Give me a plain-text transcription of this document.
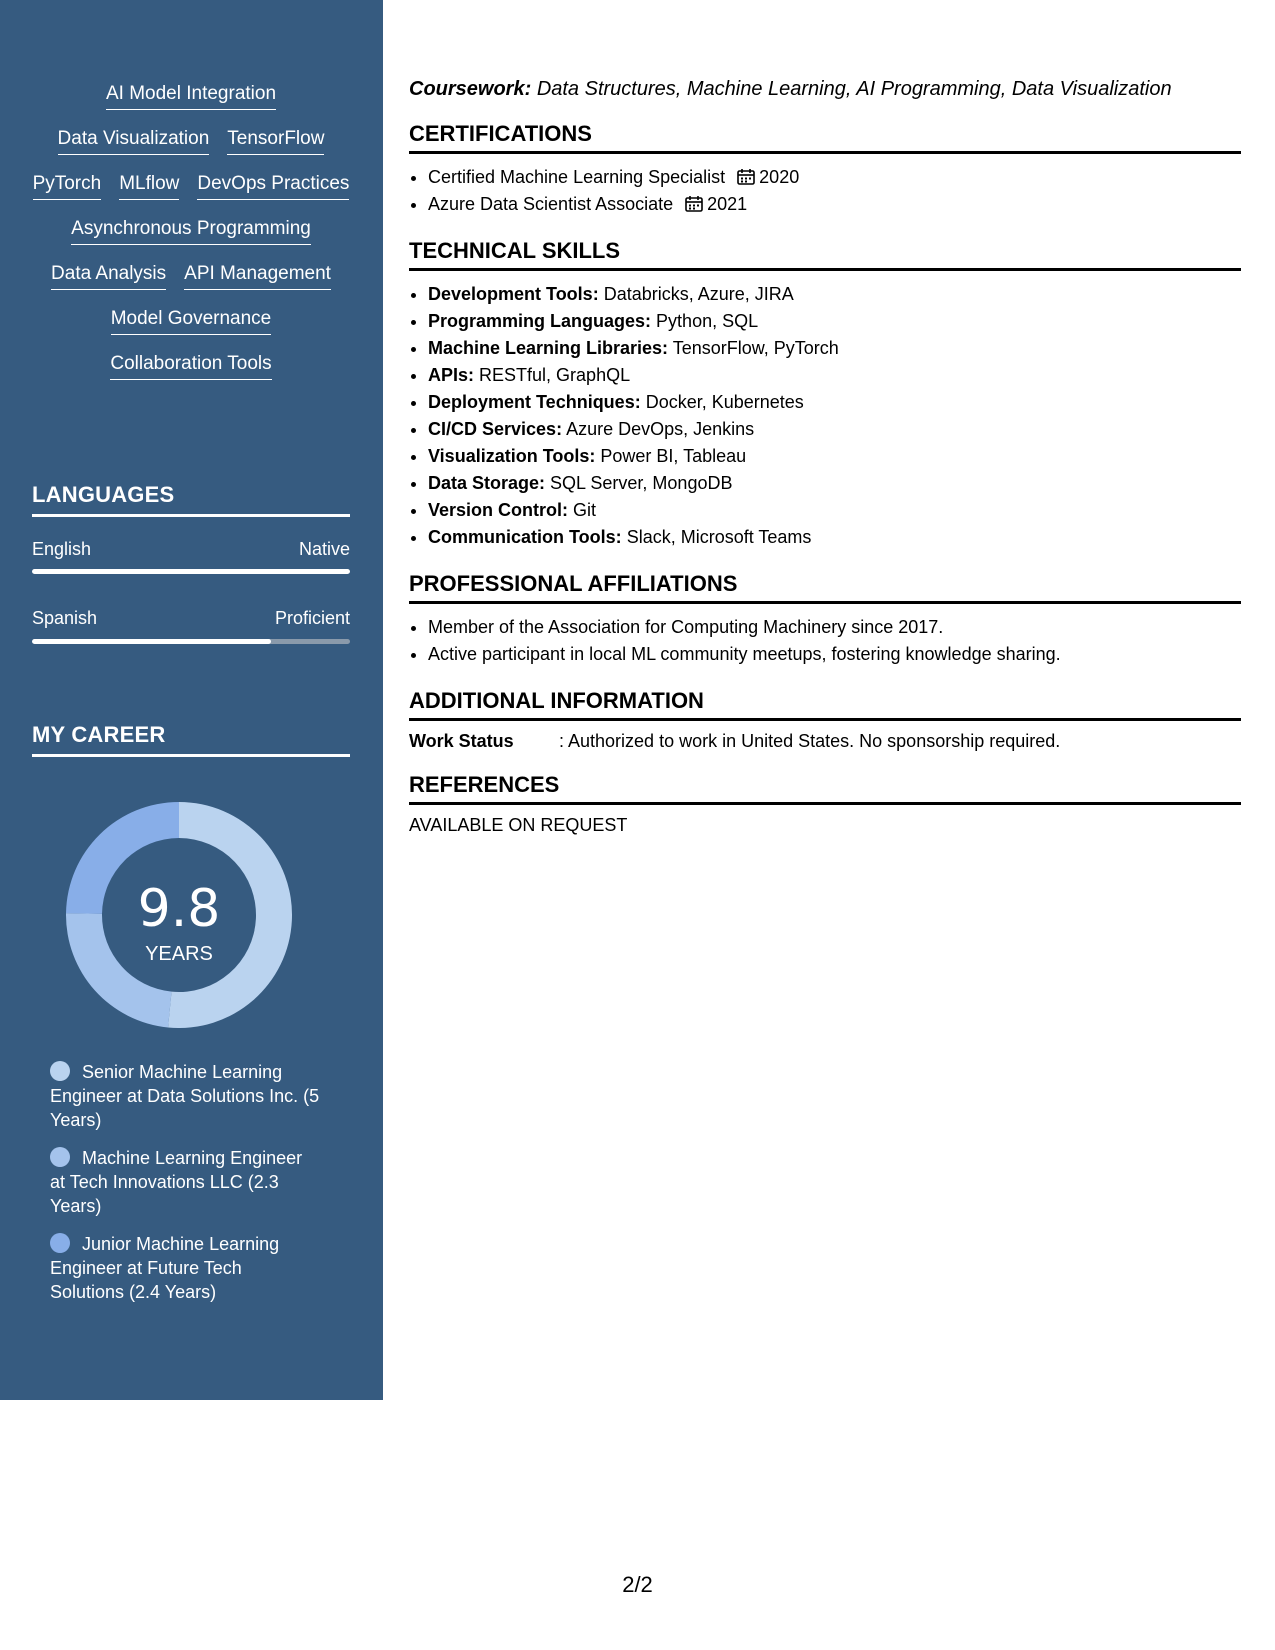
AI Model Integration
Data Visualization TensorFlow
PyTorch MLflow DevOps Practices
Asynchronous Programming
Data Analysis API Management
Model Governance
Collaboration Tools
LANGUAGES
English	Native
Spanish	Proficient
MY CAREER
9.8
YEARS
Senior Machine Learning Engineer at Data Solutions Inc. (5 Years)
Machine Learning Engineer at Tech Innovations LLC (2.3 Years)
Junior Machine Learning Engineer at Future Tech Solutions (2.4 Years)

Coursework: Data Structures, Machine Learning, AI Programming, Data Visualization

CERTIFICATIONS
• Certified Machine Learning Specialist 2020
• Azure Data Scientist Associate 2021
TECHNICAL SKILLS
• Development Tools: Databricks, Azure, JIRA
• Programming Languages: Python, SQL
• Machine Learning Libraries: TensorFlow, PyTorch
• APIs: RESTful, GraphQL
• Deployment Techniques: Docker, Kubernetes
• CI/CD Services: Azure DevOps, Jenkins
• Visualization Tools: Power BI, Tableau
• Data Storage: SQL Server, MongoDB
• Version Control: Git
• Communication Tools: Slack, Microsoft Teams
PROFESSIONAL AFFILIATIONS
• Member of the Association for Computing Machinery since 2017.
• Active participant in local ML community meetups, fostering knowledge sharing.
ADDITIONAL INFORMATION
Work Status	: Authorized to work in United States. No sponsorship required.
REFERENCES
AVAILABLE ON REQUEST
2/2
